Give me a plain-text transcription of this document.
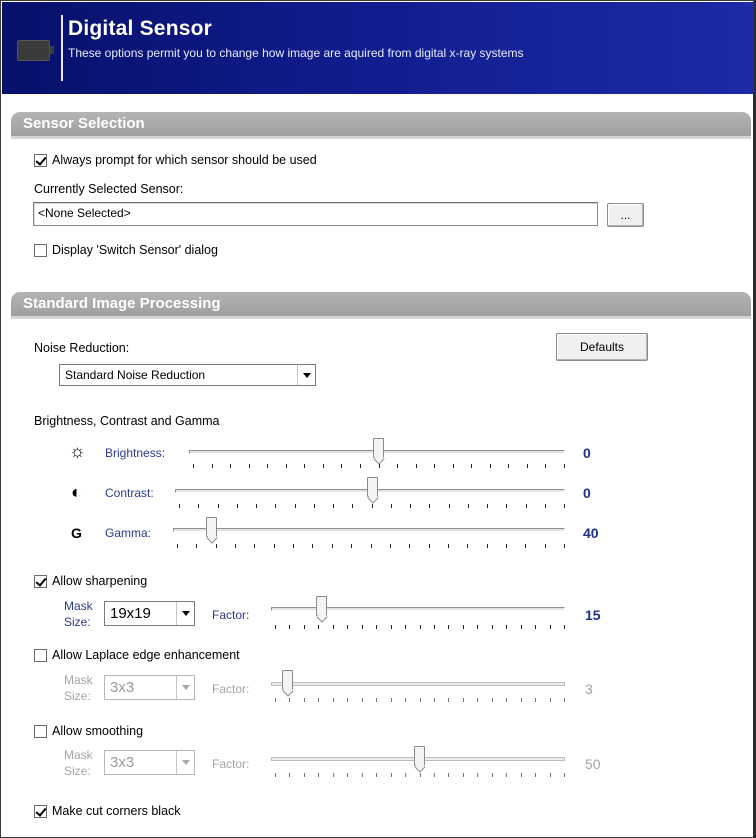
Digital Sensor
These options permit you to change how image are aquired from digital x-ray systems
Sensor Selection
Always prompt for which sensor should be used
Currently Selected Sensor:
<None Selected>	...
Display 'Switch Sensor' dialog
Standard Image Processing
Noise Reduction:	Defaults
Standard Noise Reduction
Brightness, Contrast and Gamma
☼ Brightness:	0
◐ Contrast:	0
G Gamma:	40
Allow sharpening
Mask
Size:	19x19	Factor:	15
Allow Laplace edge enhancement
Mask
Size:	3x3	Factor:	3
Allow smoothing
Mask
Size:	3x3	Factor:	50
Make cut corners black
